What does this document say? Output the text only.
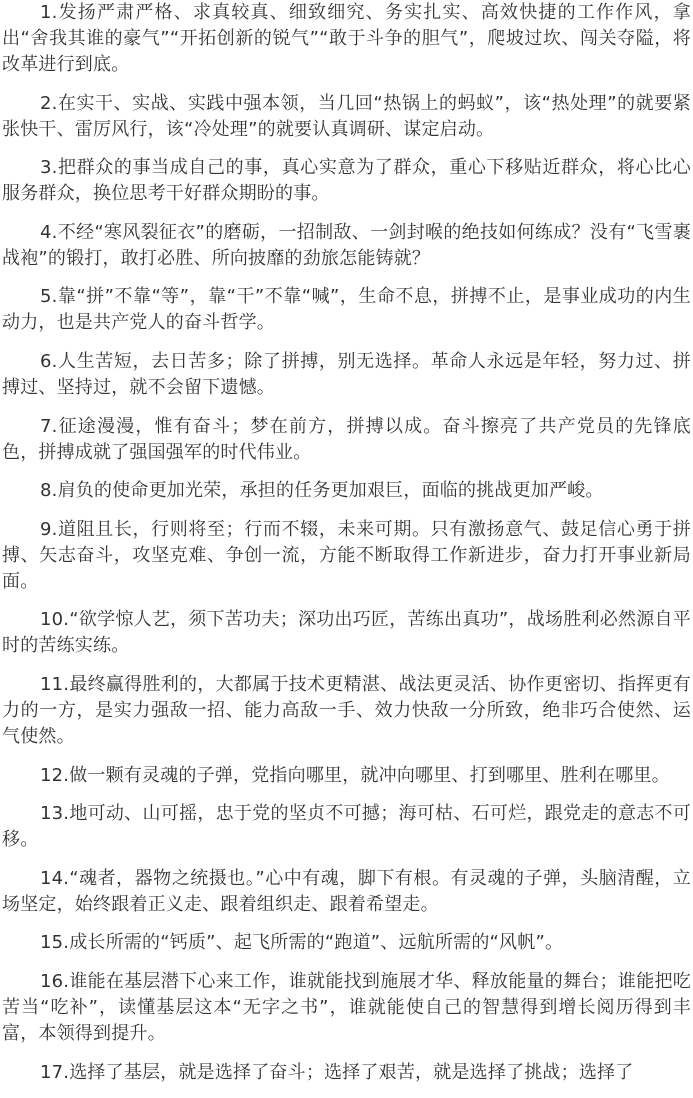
1.发扬严肃严格、求真较真、细致细究、务实扎实、高效快捷的工作作风，拿出“舍我其谁的豪气”“开拓创新的锐气”“敢于斗争的胆气”，爬坡过坎、闯关夺隘，将改革进行到底。

2.在实干、实战、实践中强本领，当几回“热锅上的蚂蚁”，该“热处理”的就要紧张快干、雷厉风行，该“冷处理”的就要认真调研、谋定启动。

3.把群众的事当成自己的事，真心实意为了群众，重心下移贴近群众，将心比心服务群众，换位思考干好群众期盼的事。

4.不经“寒风裂征衣”的磨砺，一招制敌、一剑封喉的绝技如何练成？没有“飞雪裹战袍”的锻打，敢打必胜、所向披靡的劲旅怎能铸就？

5.靠“拼”不靠“等”，靠“干”不靠“喊”，生命不息，拼搏不止，是事业成功的内生动力，也是共产党人的奋斗哲学。

6.人生苦短，去日苦多；除了拼搏，别无选择。革命人永远是年轻，努力过、拼搏过、坚持过，就不会留下遗憾。

7.征途漫漫，惟有奋斗；梦在前方，拼搏以成。奋斗擦亮了共产党员的先锋底色，拼搏成就了强国强军的时代伟业。

8.肩负的使命更加光荣，承担的任务更加艰巨，面临的挑战更加严峻。

9.道阻且长，行则将至；行而不辍，未来可期。只有激扬意气、鼓足信心勇于拼搏、矢志奋斗，攻坚克难、争创一流，方能不断取得工作新进步，奋力打开事业新局面。

10.“欲学惊人艺，须下苦功夫；深功出巧匠，苦练出真功”，战场胜利必然源自平时的苦练实练。

11.最终赢得胜利的，大都属于技术更精湛、战法更灵活、协作更密切、指挥更有力的一方，是实力强敌一招、能力高敌一手、效力快敌一分所致，绝非巧合使然、运气使然。

12.做一颗有灵魂的子弹，党指向哪里，就冲向哪里、打到哪里、胜利在哪里。

13.地可动、山可摇，忠于党的坚贞不可撼；海可枯、石可烂，跟党走的意志不可移。

14.“魂者，器物之统摄也。”心中有魂，脚下有根。有灵魂的子弹，头脑清醒，立场坚定，始终跟着正义走、跟着组织走、跟着希望走。

15.成长所需的“钙质”、起飞所需的“跑道”、远航所需的“风帆”。

16.谁能在基层潜下心来工作，谁就能找到施展才华、释放能量的舞台；谁能把吃苦当“吃补”，读懂基层这本“无字之书”，谁就能使自己的智慧得到增长阅历得到丰富，本领得到提升。

17.选择了基层，就是选择了奋斗；选择了艰苦，就是选择了挑战；选择了
